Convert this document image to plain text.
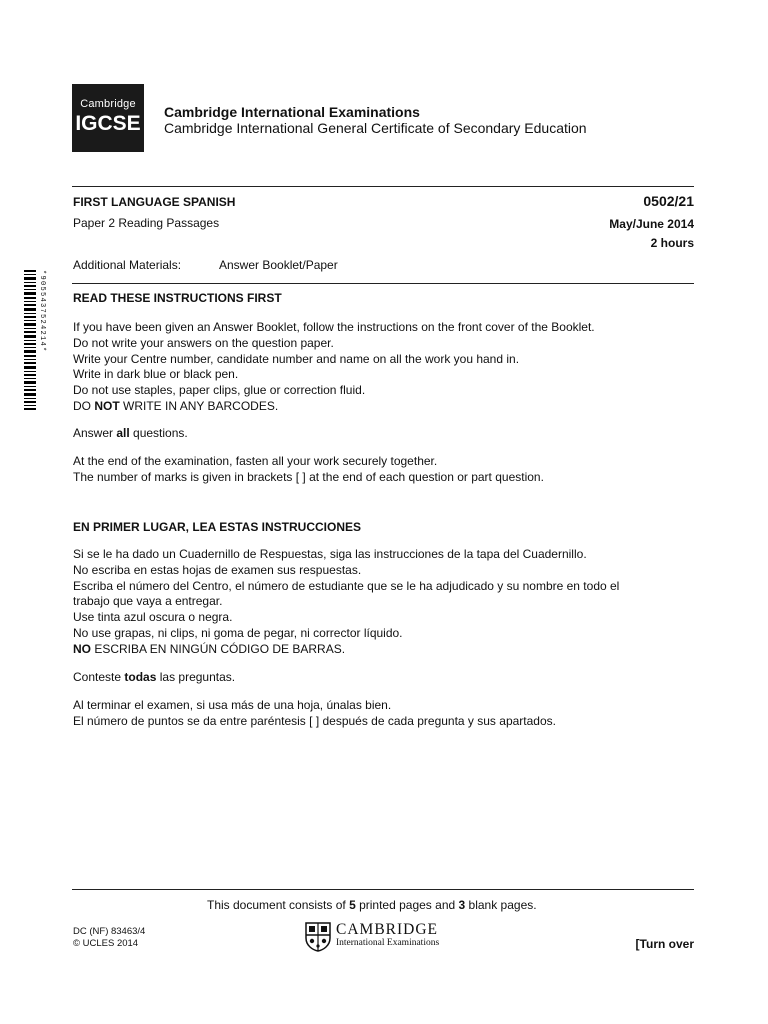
Cambridge
IGCSE Cambridge International Examinations
Cambridge International General Certificate of Secondary Education
FIRST LANGUAGE SPANISH	0502/21
Paper 2 Reading Passages	May/June 2014
2 hours
Additional Materials:	Answer Booklet/Paper
*9055437524214* READ THESE INSTRUCTIONS FIRST

If you have been given an Answer Booklet, follow the instructions on the front cover of the Booklet.

Do not write your answers on the question paper.

Write your Centre number, candidate number and name on all the work you hand in.

Write in dark blue or black pen.

Do not use staples, paper clips, glue or correction fluid.

DO NOT WRITE IN ANY BARCODES.

Answer all questions.

At the end of the examination, fasten all your work securely together.

The number of marks is given in brackets [ ] at the end of each question or part question.

EN PRIMER LUGAR, LEA ESTAS INSTRUCCIONES

Si se le ha dado un Cuadernillo de Respuestas, siga las instrucciones de la tapa del Cuadernillo.

No escriba en estas hojas de examen sus respuestas.

Escriba el número del Centro, el número de estudiante que se le ha adjudicado y su nombre en todo el

trabajo que vaya a entregar.

Use tinta azul oscura o negra.

No use grapas, ni clips, ni goma de pegar, ni corrector líquido.

NO ESCRIBA EN NINGÚN CÓDIGO DE BARRAS.

Conteste todas las preguntas.

Al terminar el examen, si usa más de una hoja, únalas bien.

El número de puntos se da entre paréntesis [ ] después de cada pregunta y sus apartados.

This document consists of 5 printed pages and 3 blank pages.
DC (NF) 83463/4
© UCLES 2014
CAMBRIDGE
International Examinations	[Turn over
